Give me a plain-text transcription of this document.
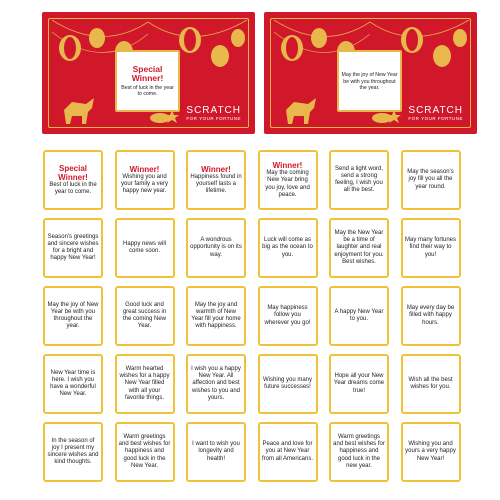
Special Winner!
Best of luck in the year to come.
SCRATCH
FOR YOUR FORTUNE
May the joy of New Year be with you throughout the year.
SCRATCH
FOR YOUR FORTUNE
Special Winner!
Best of luck in the year to come.
Winner!
Wishing you and your family a very happy new year.
Winner!
Happiness found in yourself lasts a lifetime.
Winner!
May the coming New Year bring you joy, love and peace.
Send a light word, send a strong feeling, I wish you all the best.
May the season’s joy fill you all the year round.
Season's greetings and sincere wishes for a bright and happy New Year!
Happy news will come soon.
A wondrous opportunity is on its way.
Luck will come as big as the ocean to you.
May the New Year be a time of laughter and real enjoyment for you. Best wishes.
May many fortunes find their way to you!
May the joy of New Year be with you throughout the year.
Good luck and great success in the coming New Year.
May the joy and warmth of New Year fill your home with happiness.
May happiness follow you wherever you go!
A happy New Year to you.
May every day be filled with happy hours.
New Year time is here. I wish you have a wonderful New Year.
Warm hearted wishes for a happy New Year filled with all your favorite things.
I wish you a happy New Year. All affection and best wishes to you and yours.
Wishing you many future successes!
Hope all your New Year dreams come true!
Wish all the best wishes for you.
In the season of joy I present my sincere wishes and kind thoughts.
Warm greetings and best wishes for happiness and good luck in the New Year.
I want to wish you longevity and health!
Peace and love for you at New Year from all Americans.
Warm greetings and best wishes for happiness and good luck in the new year.
Wishing you and yours a very happy New Year!
